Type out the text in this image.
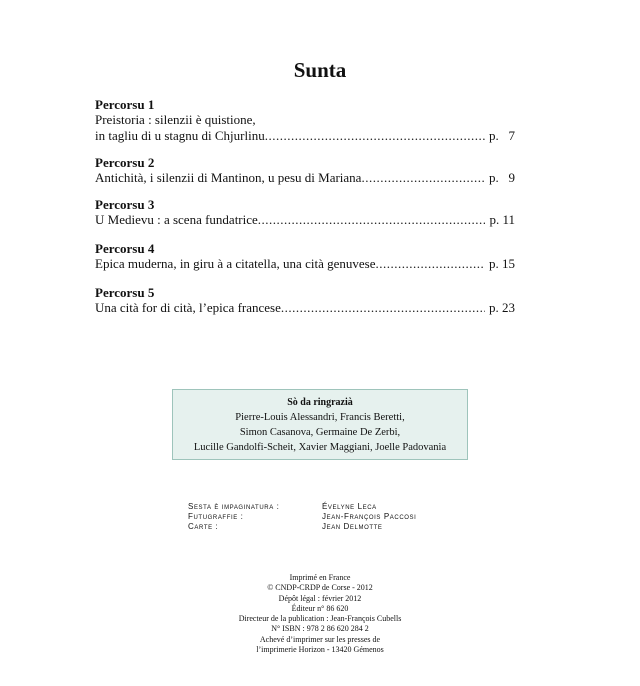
Sunta
Percorsu 1
Preistoria : silenzii è quistione,
in tagliu di u stagnu di Chjurlinu .....	p.   7
Percorsu 2
Antichità, i silenzii di Mantinon, u pesu di Mariana .....	p.   9
Percorsu 3
U Medievu : a scena fundatrice .....	p. 11
Percorsu 4
Epica muderna, in giru à a citatella, una cità genuvese .....	p. 15
Percorsu 5
Una cità for di cità, l’epica francese .....	p. 23
Sò da ringrazià
Pierre-Louis Alessandri, Francis Beretti,
Simon Casanova, Germaine De Zerbi,
Lucille Gandolfi-Scheit, Xavier Maggiani, Joelle Padovania
Sesta è impaginatura :	Évelyne Leca
Futugraffie :	Jean-François Paccosi
Carte :	Jean Delmotte
Imprimé en France
© CNDP-CRDP de Corse - 2012
Dépôt légal : février 2012
Éditeur n° 86 620
Directeur de la publication : Jean-François Cubells
N° ISBN : 978 2 86 620 284 2
Achevé d’imprimer sur les presses de
l’imprimerie Horizon - 13420 Gémenos
